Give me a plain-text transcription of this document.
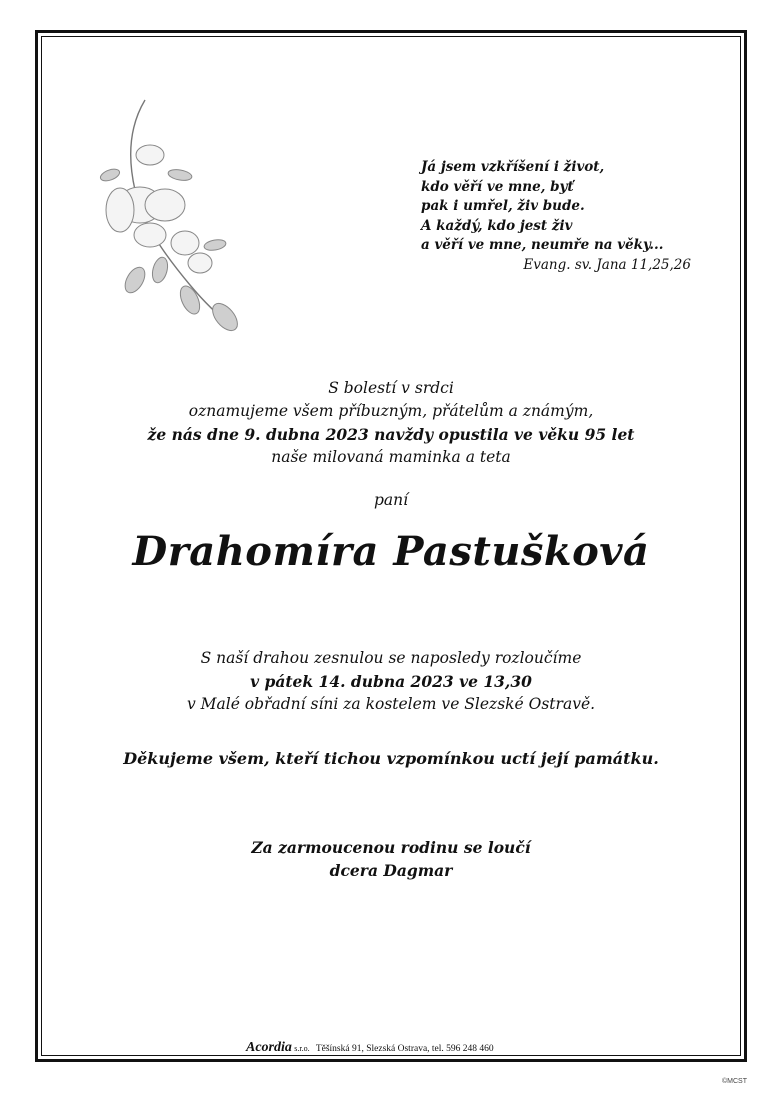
Já jsem vzkříšení i život,
kdo věří ve mne, byť
pak i umřel, živ bude.
A každý, kdo jest živ
a věří ve mne, neumře na věky...
Evang. sv. Jana 11,25,26
S bolestí v srdci
oznamujeme všem příbuzným, přátelům a známým,
že nás dne 9. dubna 2023 navždy opustila ve věku 95 let
naše milovaná maminka a teta
paní
Drahomíra Pastušková
S naší drahou zesnulou se naposledy rozloučíme
v pátek 14. dubna 2023 ve 13,30
v Malé obřadní síni za kostelem ve Slezské Ostravě.
Děkujeme všem, kteří tichou vzpomínkou uctí její památku.
Za zarmoucenou rodinu se loučí
dcera Dagmar
Acordia s.r.o. Těšínská 91, Slezská Ostrava, tel. 596 248 460
©MCST
